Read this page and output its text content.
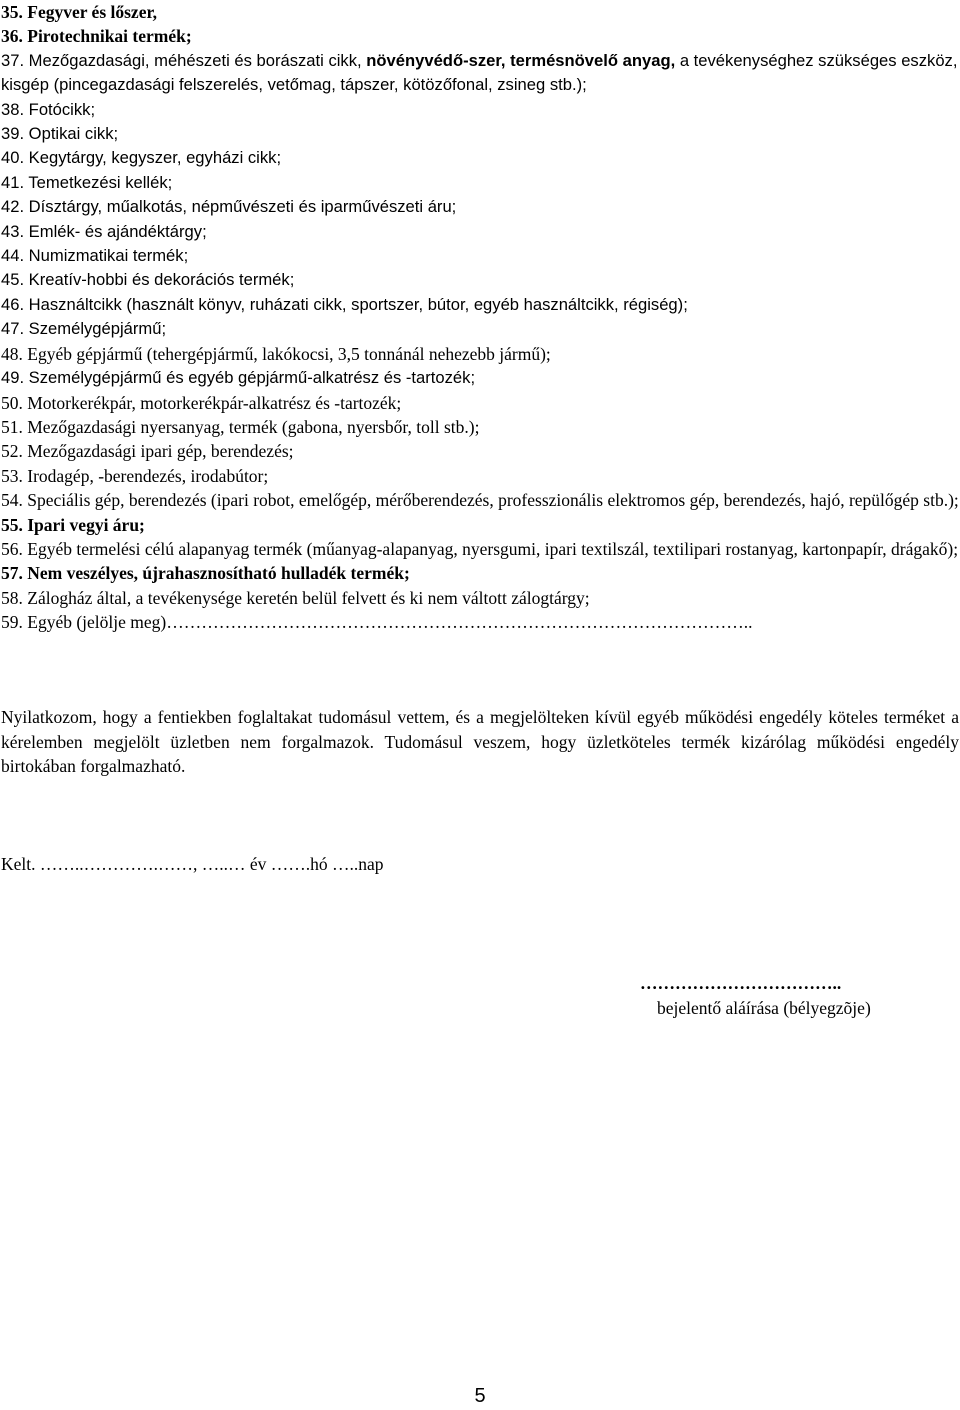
35. Fegyver és lőszer,
36. Pirotechnikai termék;
37. Mezőgazdasági, méhészeti és borászati cikk, növényvédő-szer, termésnövelő anyag, a tevékenységhez szükséges eszköz, kisgép (pincegazdasági felszerelés, vetőmag, tápszer, kötözőfonal, zsineg stb.);
38. Fotócikk;
39. Optikai cikk;
40. Kegytárgy, kegyszer, egyházi cikk;
41. Temetkezési kellék;
42. Dísztárgy, műalkotás, népművészeti és iparművészeti áru;
43. Emlék- és ajándéktárgy;
44. Numizmatikai termék;
45. Kreatív-hobbi és dekorációs termék;
46. Használtcikk (használt könyv, ruházati cikk, sportszer, bútor, egyéb használtcikk, régiség);
47. Személygépjármű;
48. Egyéb gépjármű (tehergépjármű, lakókocsi, 3,5 tonnánál nehezebb jármű);
49. Személygépjármű és egyéb gépjármű-alkatrész és -tartozék;
50. Motorkerékpár, motorkerékpár-alkatrész és -tartozék;
51. Mezőgazdasági nyersanyag, termék (gabona, nyersbőr, toll stb.);
52. Mezőgazdasági ipari gép, berendezés;
53. Irodagép, -berendezés, irodabútor;
54. Speciális gép, berendezés (ipari robot, emelőgép, mérőberendezés, professzionális elektromos gép, berendezés, hajó, repülőgép stb.);
55. Ipari vegyi áru;
56. Egyéb termelési célú alapanyag termék (műanyag-alapanyag, nyersgumi, ipari textilszál, textilipari rostanyag, kartonpapír, drágakő);
57. Nem veszélyes, újrahasznosítható hulladék termék;
58. Zálogház által, a tevékenysége keretén belül felvett és ki nem váltott zálogtárgy;
59. Egyéb (jelölje meg)………………………………………………………………………………………..
Nyilatkozom, hogy a fentiekben foglaltakat tudomásul vettem, és a megjelölteken kívül egyéb működési engedély köteles terméket a kérelemben megjelölt üzletben nem forgalmazok. Tudomásul veszem, hogy üzletköteles termék kizárólag működési engedély birtokában forgalmazható.
Kelt. ……..………….……, …..… év …….hó …..nap
……………………………..
bejelentő aláírása (bélyegzõje)
5
